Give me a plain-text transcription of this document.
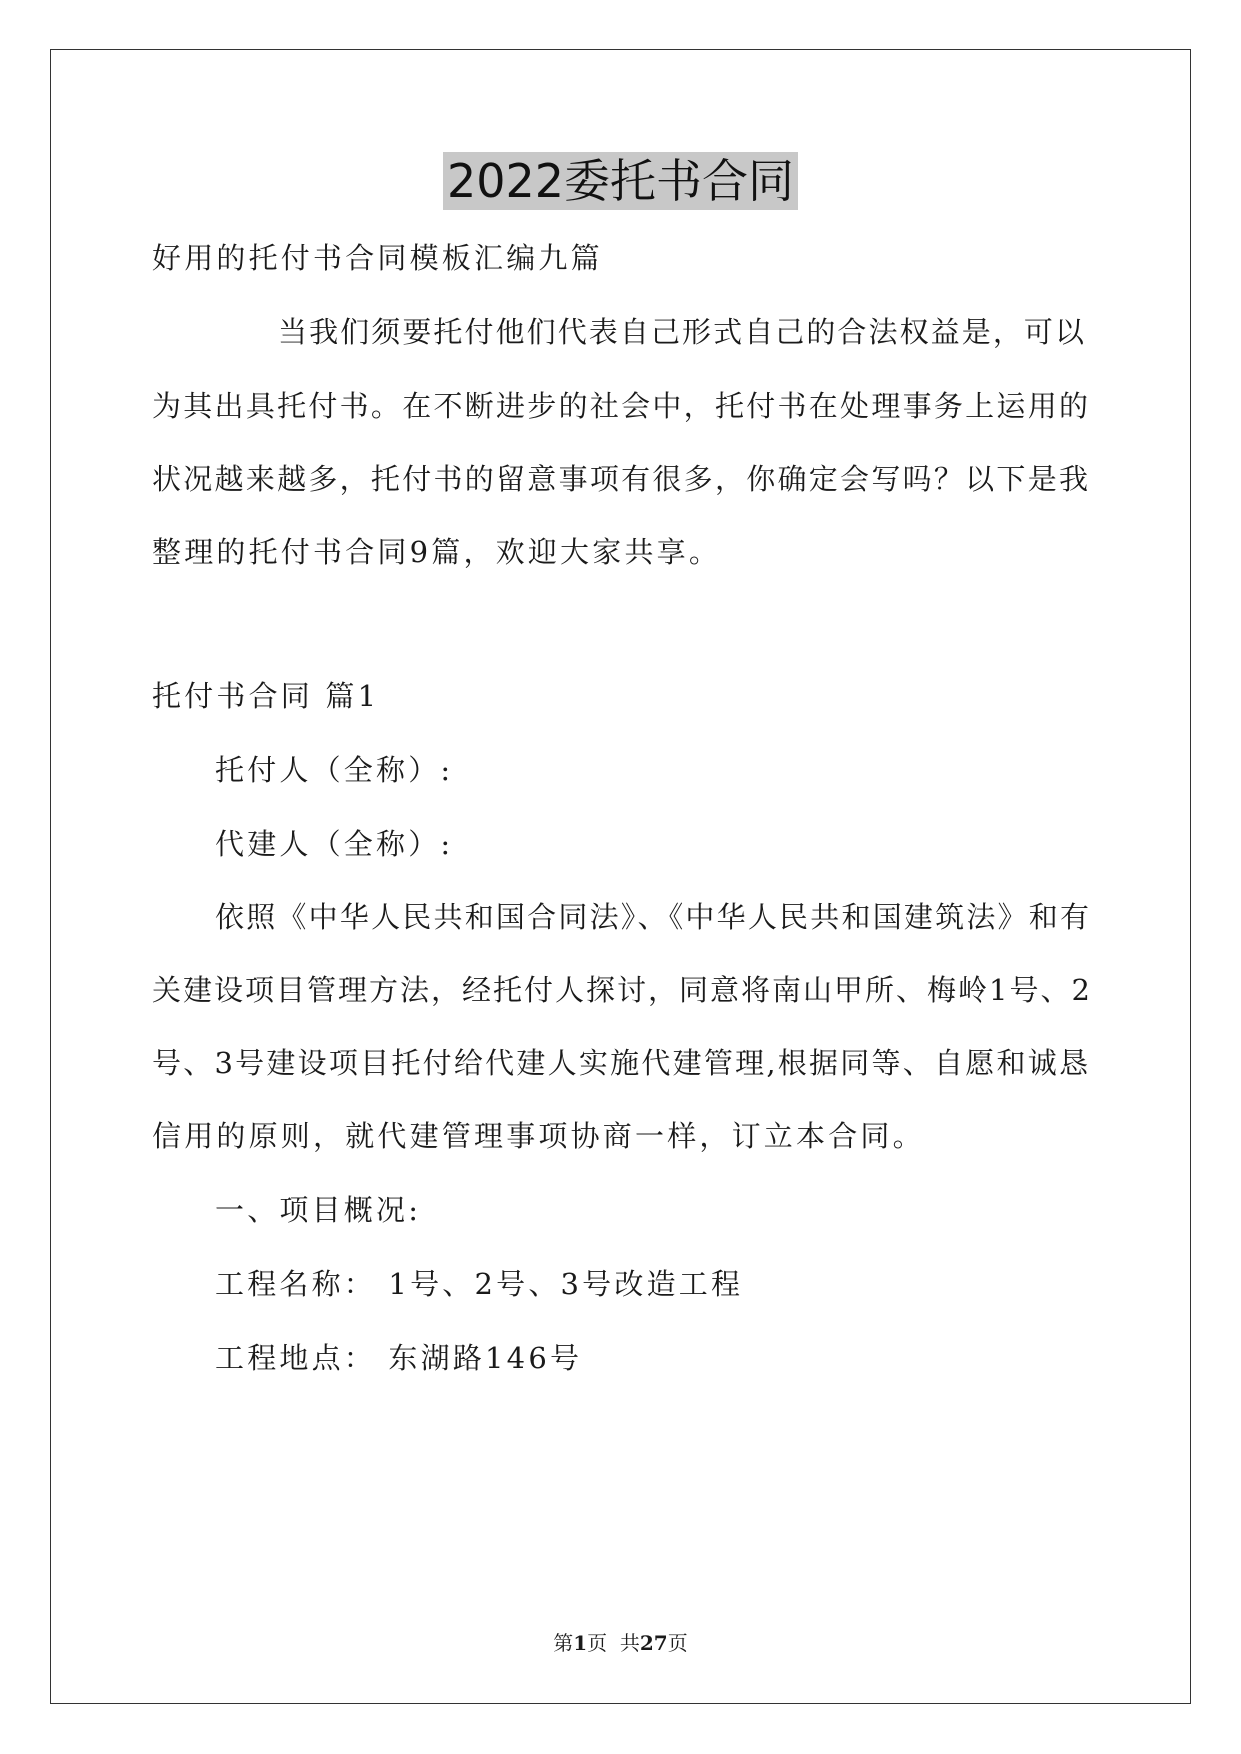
2022委托书合同
好用的托付书合同模板汇编九篇
当我们须要托付他们代表自己形式自己的合法权益是，可以
为其出具托付书。在不断进步的社会中，托付书在处理事务上运用的
状况越来越多，托付书的留意事项有很多，你确定会写吗？以下是我
整理的托付书合同9篇，欢迎大家共享。
托付书合同 篇1
托付人（全称）:
代建人（全称）:
依照《中华人民共和国合同法》、《中华人民共和国建筑法》和有
关建设项目管理方法，经托付人探讨，同意将南山甲所、梅岭1号、2
号、3号建设项目托付给代建人实施代建管理,根据同等、自愿和诚恳
信用的原则，就代建管理事项协商一样，订立本合同。
一、项目概况:
工程名称： 1号、2号、3号改造工程
工程地点： 东湖路146号
第1页  共27页
